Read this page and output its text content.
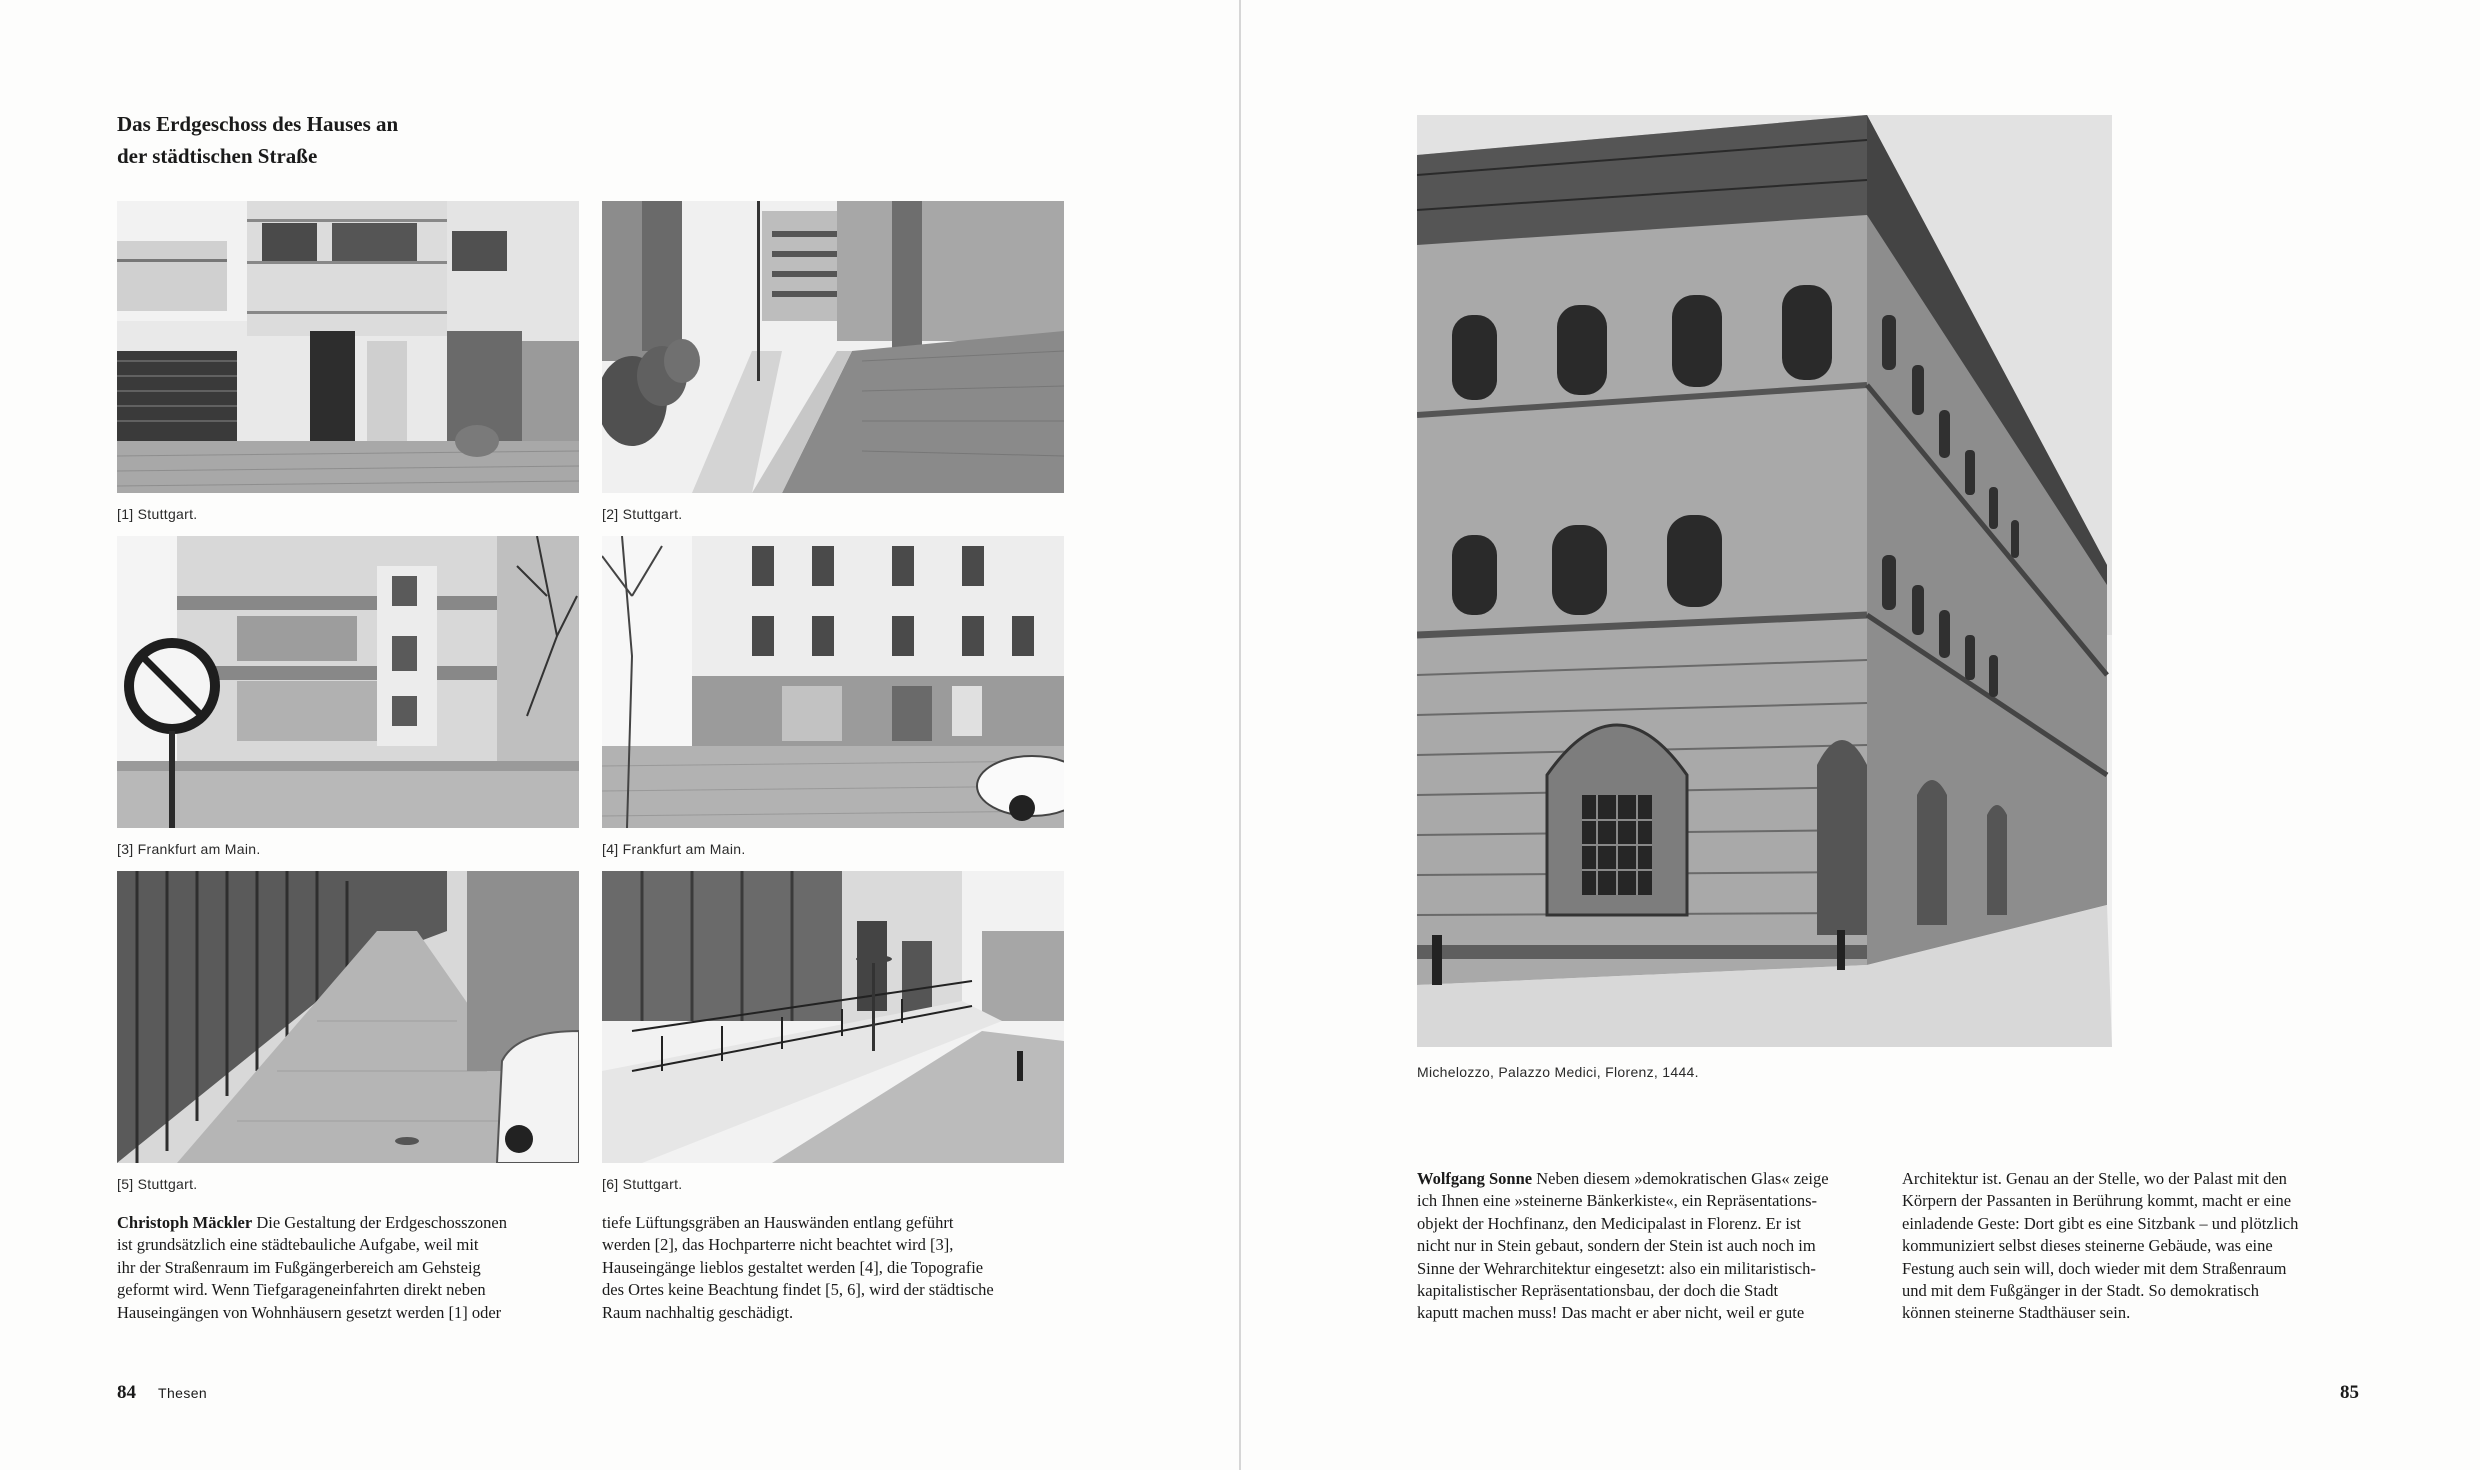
Das Erdgeschoss des Hauses an
der städtischen Straße
[1] Stuttgart.	[2] Stuttgart.
[3] Frankfurt am Main.	[4] Frankfurt am Main.
[5] Stuttgart.	[6] Stuttgart.

Christoph Mäckler Die Gestaltung der Erdgeschosszonen
ist grundsätzlich eine städtebauliche Aufgabe, weil mit
ihr der Straßenraum im Fußgängerbereich am Gehsteig
geformt wird. Wenn Tiefgarageneinfahrten direkt neben
Hauseingängen von Wohnhäusern gesetzt werden [1] oder

tiefe Lüftungsgräben an Hauswänden entlang geführt
werden [2], das Hochparterre nicht beachtet wird [3],
Hauseingänge lieblos gestaltet werden [4], die Topografie
des Ortes keine Beachtung findet [5, 6], wird der städtische
Raum nachhaltig geschädigt.

84 Thesen
Michelozzo, Palazzo Medici, Florenz, 1444.

Wolfgang Sonne Neben diesem »demokratischen Glas« zeige
ich Ihnen eine »steinerne Bänkerkiste«, ein Repräsentations-
objekt der Hochfinanz, den Medicipalast in Florenz. Er ist
nicht nur in Stein gebaut, sondern der Stein ist auch noch im
Sinne der Wehrarchitektur eingesetzt: also ein militaristisch-
kapitalistischer Repräsentationsbau, der doch die Stadt
kaputt machen muss! Das macht er aber nicht, weil er gute

Architektur ist. Genau an der Stelle, wo der Palast mit den
Körpern der Passanten in Berührung kommt, macht er eine
einladende Geste: Dort gibt es eine Sitzbank – und plötzlich
kommuniziert selbst dieses steinerne Gebäude, was eine
Festung auch sein will, doch wieder mit dem Straßenraum
und mit dem Fußgänger in der Stadt. So demokratisch
können steinerne Stadthäuser sein.

85
